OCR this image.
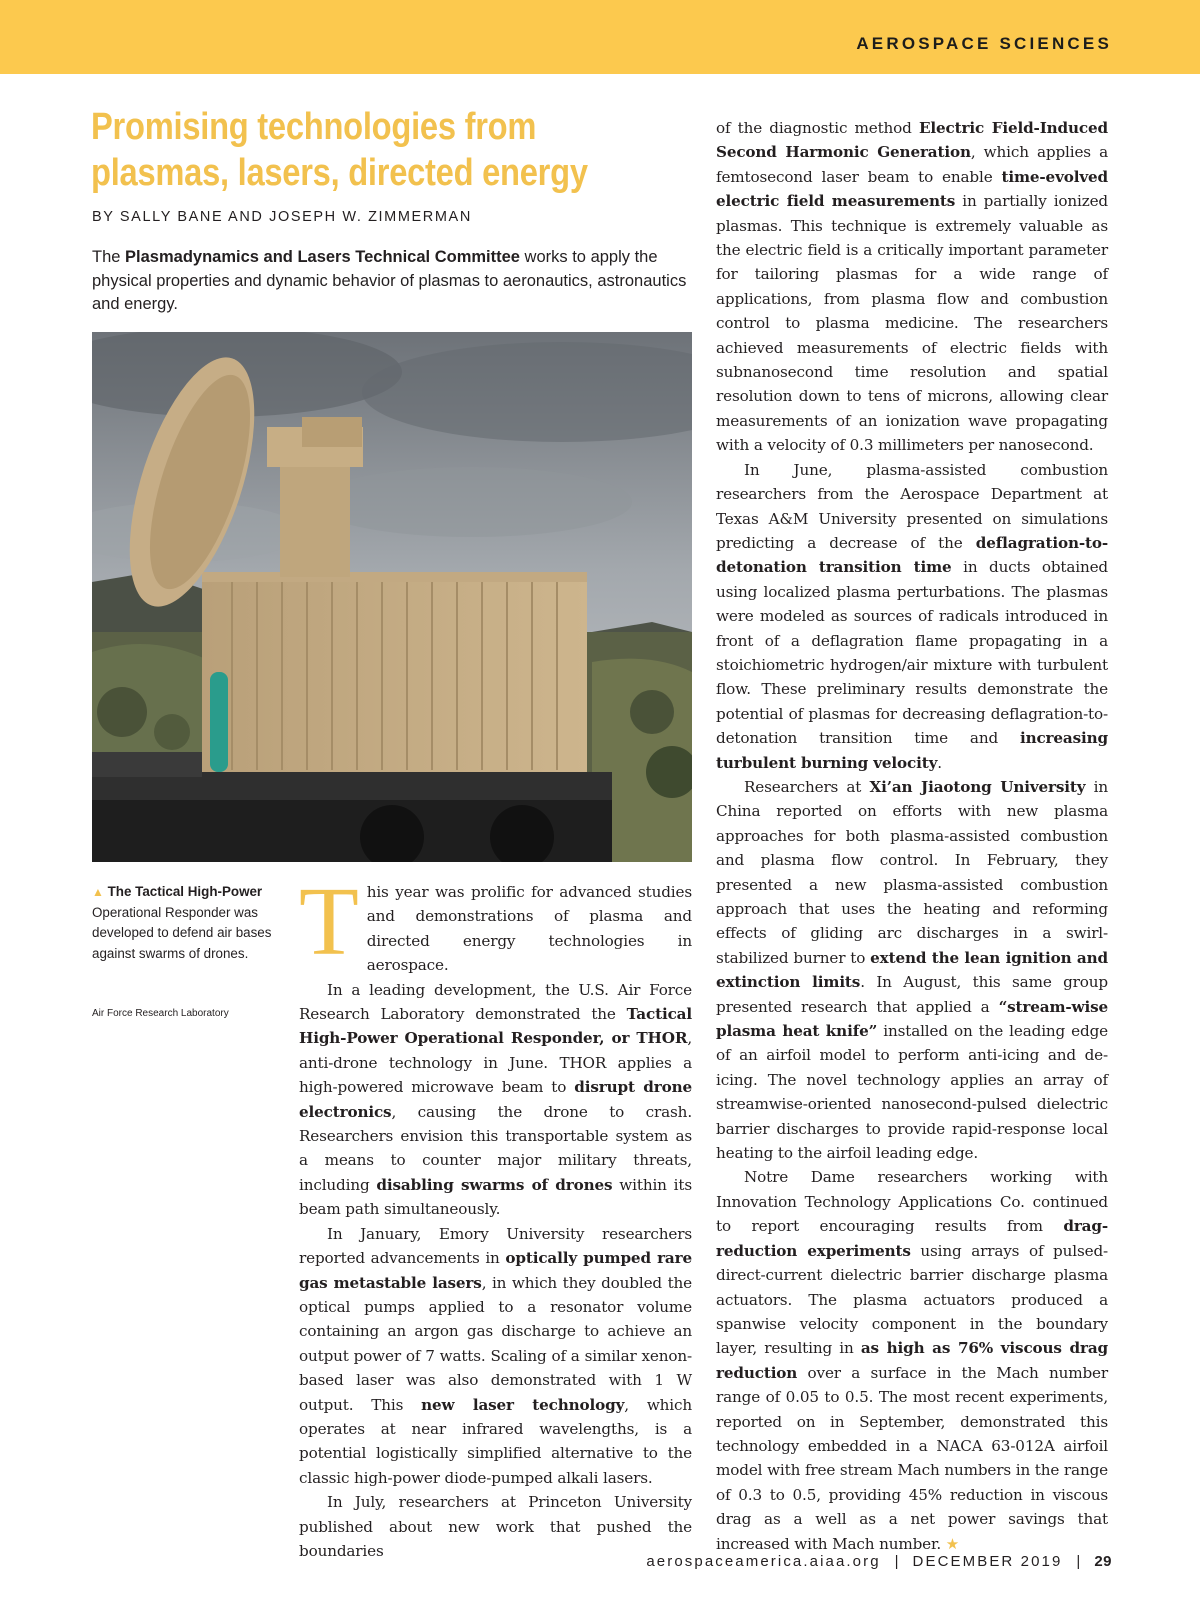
AEROSPACE SCIENCES
Promising technologies from plasmas, lasers, directed energy
BY SALLY BANE AND JOSEPH W. ZIMMERMAN

The Plasmadynamics and Lasers Technical Committee works to apply the physical properties and dynamic behavior of plasmas to aeronautics, astronautics and energy.

▲ The Tactical High-Power Operational Responder was developed to defend air bases against swarms of drones.
Air Force Research Laboratory

This year was prolific for advanced studies and demonstrations of plasma and directed energy technologies in aerospace.

In a leading development, the U.S. Air Force Research Laboratory demonstrated the Tactical High-Power Operational Responder, or THOR, anti-drone technology in June. THOR applies a high-powered microwave beam to disrupt drone electronics, causing the drone to crash. Researchers envision this transportable system as a means to counter major military threats, including disabling swarms of drones within its beam path simultaneously.

In January, Emory University researchers reported advancements in optically pumped rare gas metastable lasers, in which they doubled the optical pumps applied to a resonator volume containing an argon gas discharge to achieve an output power of 7 watts. Scaling of a similar xenon-based laser was also demonstrated with 1 W output. This new laser technology, which operates at near infrared wavelengths, is a potential logistically simplified alternative to the classic high-power diode-pumped alkali lasers.

In July, researchers at Princeton University published about new work that pushed the boundaries

of the diagnostic method Electric Field-Induced Second Harmonic Generation, which applies a femtosecond laser beam to enable time-evolved electric field measurements in partially ionized plasmas. This technique is extremely valuable as the electric field is a critically important parameter for tailoring plasmas for a wide range of applications, from plasma flow and combustion control to plasma medicine. The researchers achieved measurements of electric fields with subnanosecond time resolution and spatial resolution down to tens of microns, allowing clear measurements of an ionization wave propagating with a velocity of 0.3 millimeters per nanosecond.

In June, plasma-assisted combustion researchers from the Aerospace Department at Texas A&M University presented on simulations predicting a decrease of the deflagration-to-detonation transition time in ducts obtained using localized plasma perturbations. The plasmas were modeled as sources of radicals introduced in front of a deflagration flame propagating in a stoichiometric hydrogen/air mixture with turbulent flow. These preliminary results demonstrate the potential of plasmas for decreasing deflagration-to-detonation transition time and increasing turbulent burning velocity.

Researchers at Xi’an Jiaotong University in China reported on efforts with new plasma approaches for both plasma-assisted combustion and plasma flow control. In February, they presented a new plasma-assisted combustion approach that uses the heating and reforming effects of gliding arc discharges in a swirl-stabilized burner to extend the lean ignition and extinction limits. In August, this same group presented research that applied a “stream-wise plasma heat knife” installed on the leading edge of an airfoil model to perform anti-icing and de-icing. The novel technology applies an array of streamwise-oriented nanosecond-pulsed dielectric barrier discharges to provide rapid-response local heating to the airfoil leading edge.

Notre Dame researchers working with Innovation Technology Applications Co. continued to report encouraging results from drag-reduction experiments using arrays of pulsed-direct-current dielectric barrier discharge plasma actuators. The plasma actuators produced a spanwise velocity component in the boundary layer, resulting in as high as 76% viscous drag reduction over a surface in the Mach number range of 0.05 to 0.5. The most recent experiments, reported on in September, demonstrated this technology embedded in a NACA 63-012A airfoil model with free stream Mach numbers in the range of 0.3 to 0.5, providing 45% reduction in viscous drag as a well as a net power savings that increased with Mach number. ★

aerospaceamerica.aiaa.org | DECEMBER 2019 | 29
